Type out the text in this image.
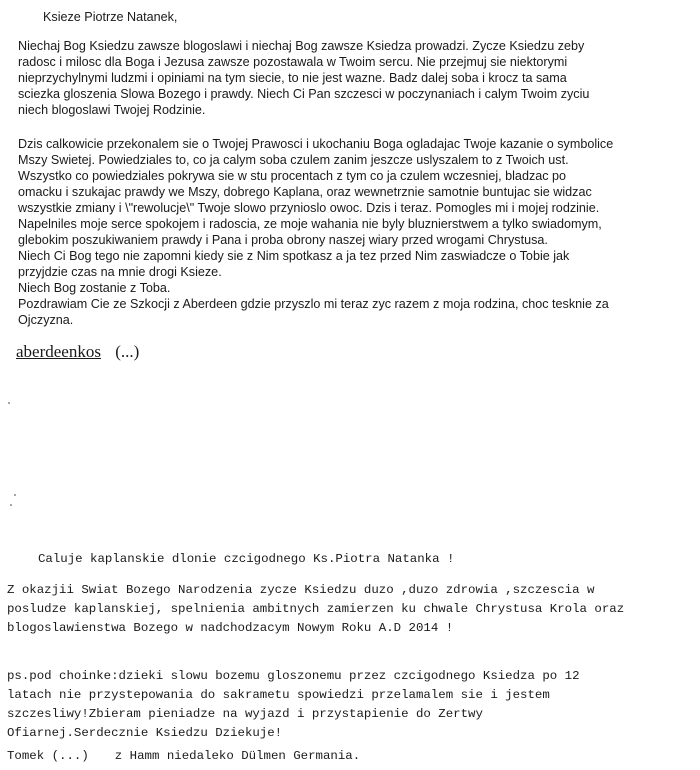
Ksieze Piotrze Natanek,
Niechaj Bog Ksiedzu zawsze blogoslawi i niechaj Bog zawsze Ksiedza prowadzi. Zycze Ksiedzu zeby
radosc i milosc dla Boga i Jezusa zawsze pozostawala w Twoim sercu. Nie przejmuj sie niektorymi
nieprzychylnymi ludzmi i opiniami na tym siecie, to nie jest wazne. Badz dalej soba i krocz ta sama
sciezka gloszenia Slowa Bozego i prawdy. Niech Ci Pan szczesci w poczynaniach i calym Twoim zyciu
niech blogoslawi Twojej Rodzinie.
Dzis calkowicie przekonalem sie o Twojej Prawosci i ukochaniu Boga ogladajac Twoje kazanie o symbolice
Mszy Swietej. Powiedziales to, co ja calym soba czulem zanim jeszcze uslyszalem to z Twoich ust.
Wszystko co powiedziales pokrywa sie w stu procentach z tym co ja czulem wczesniej, bladzac po
omacku i szukajac prawdy we Mszy, dobrego Kaplana, oraz wewnetrznie samotnie buntujac sie widzac
wszystkie zmiany i \"rewolucje\" Twoje slowo przynioslo owoc. Dzis i teraz. Pomogles mi i mojej rodzinie.
Napelniles moje serce spokojem i radoscia, ze moje wahania nie byly bluznierstwem a tylko swiadomym,
glebokim poszukiwaniem prawdy i Pana i proba obrony naszej wiary przed wrogami Chrystusa.
Niech Ci Bog tego nie zapomni kiedy sie z Nim spotkasz a ja tez przed Nim zaswiadcze o Tobie jak
przyjdzie czas na mnie drogi Ksieze.
Niech Bog zostanie z Toba.
Pozdrawiam Cie ze Szkocji z Aberdeen gdzie przyszlo mi teraz zyc razem z moja rodzina, choc tesknie za
Ojczyzna.
aberdeenkos (...)
Caluje kaplanskie dlonie czcigodnego Ks.Piotra Natanka !
Z okazjii Swiat Bozego Narodzenia zycze Ksiedzu duzo ,duzo zdrowia ,szczescia w
posludze kaplanskiej, spelnienia ambitnych zamierzen ku chwale Chrystusa Krola oraz
blogoslawienstwa Bozego w nadchodzacym Nowym Roku A.D 2014 !
ps.pod choinke:dzieki slowu bozemu gloszonemu przez czcigodnego Ksiedza po 12
latach nie przystepowania do sakrametu spowiedzi przelamalem sie i jestem
szczesliwy!Zbieram pieniadze na wyjazd i przystapienie do Zertwy
Ofiarnej.Serdecznie Ksiedzu Dziekuje!
Tomek (...) z Hamm niedaleko Dülmen Germania.
